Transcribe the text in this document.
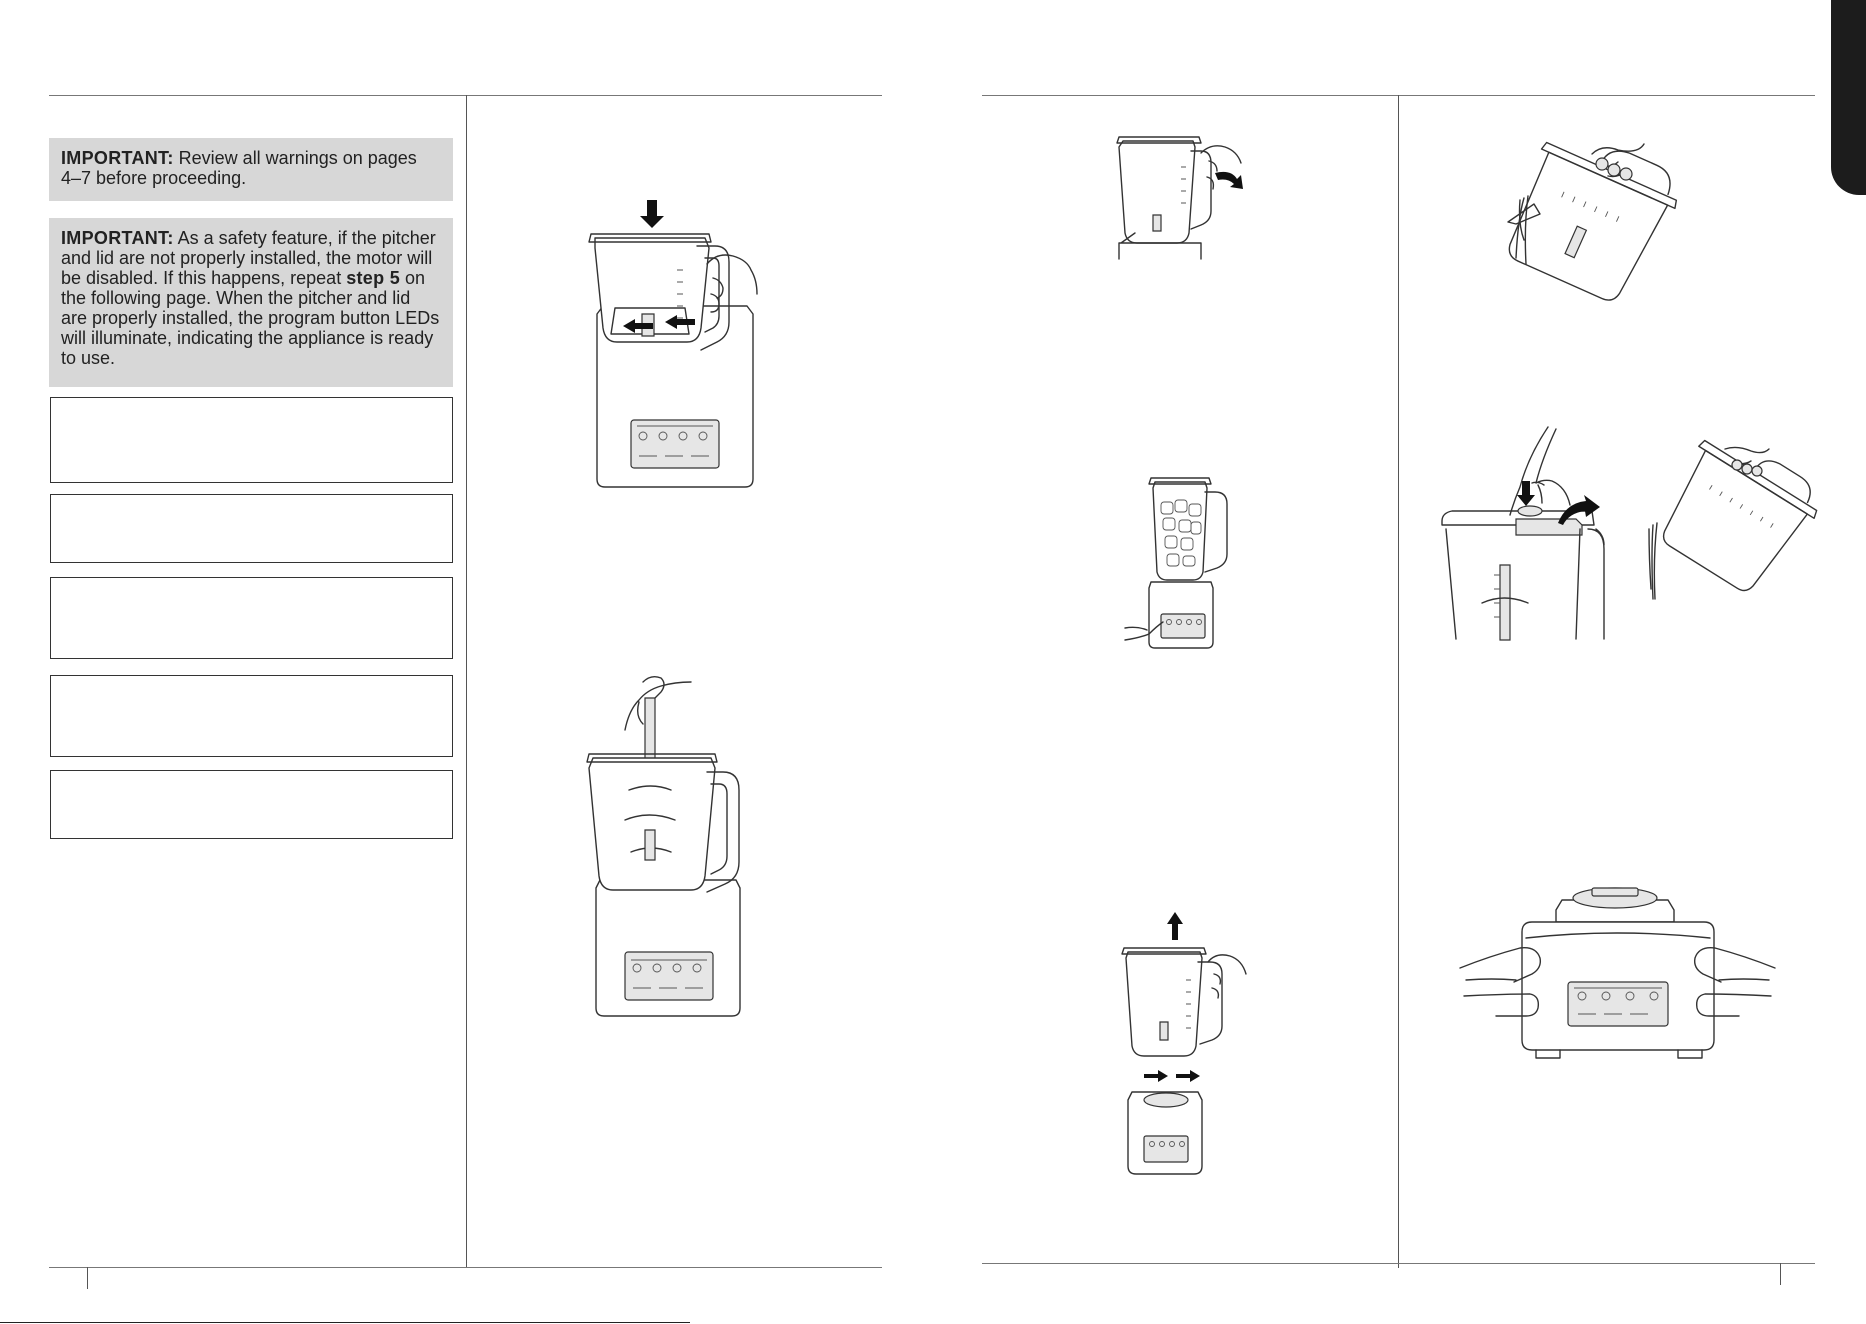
IMPORTANT: Review all warnings on pages 4–7 before proceeding.
IMPORTANT: As a safety feature, if the pitcher and lid are not properly installed, the motor will be disabled. If this happens, repeat step 5 on the following page. When the pitcher and lid are properly installed, the program button LEDs will illuminate, indicating the appliance is ready to use.
